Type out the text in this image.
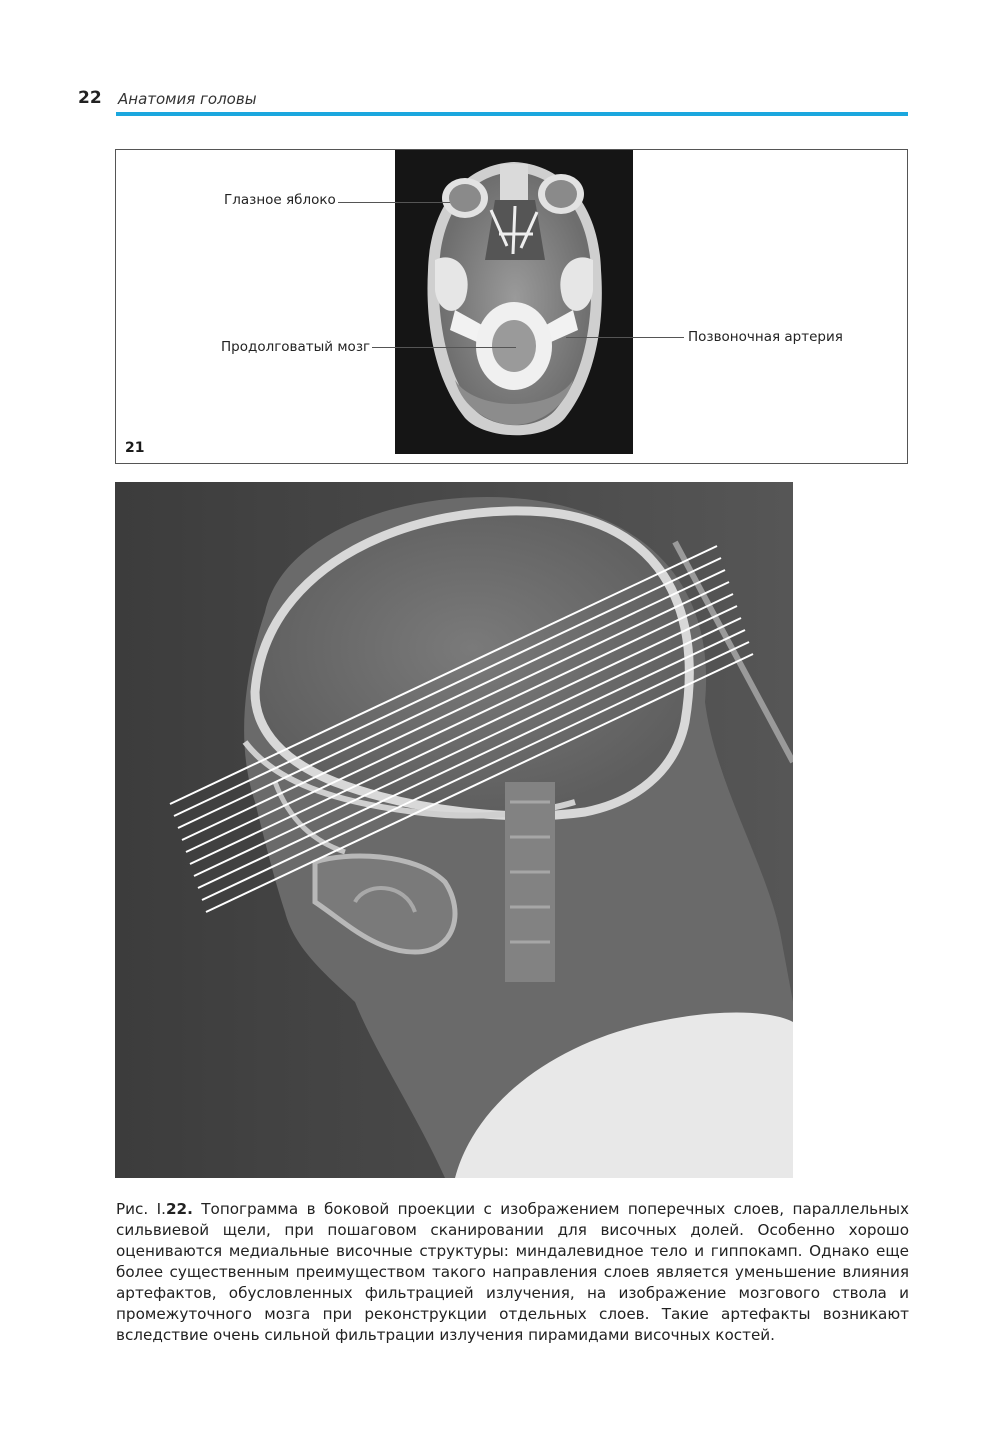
22 Анатомия головы
Глазное яблоко
Продолговатый мозг
Позвоночная артерия
21

Рис. I.22. Топограмма в боковой проекции с изображением поперечных слоев, параллельных сильвиевой щели, при пошаговом сканировании для височных долей. Особенно хорошо оцениваются медиальные височные структуры: миндалевидное тело и гиппокамп. Однако еще более существенным преимуществом такого направления слоев является уменьшение влияния артефактов, обусловленных фильтрацией излучения, на изображение мозгового ствола и промежуточного мозга при реконструкции отдельных слоев. Такие артефакты возникают вследствие очень сильной фильтрации излучения пирамидами височных костей.
